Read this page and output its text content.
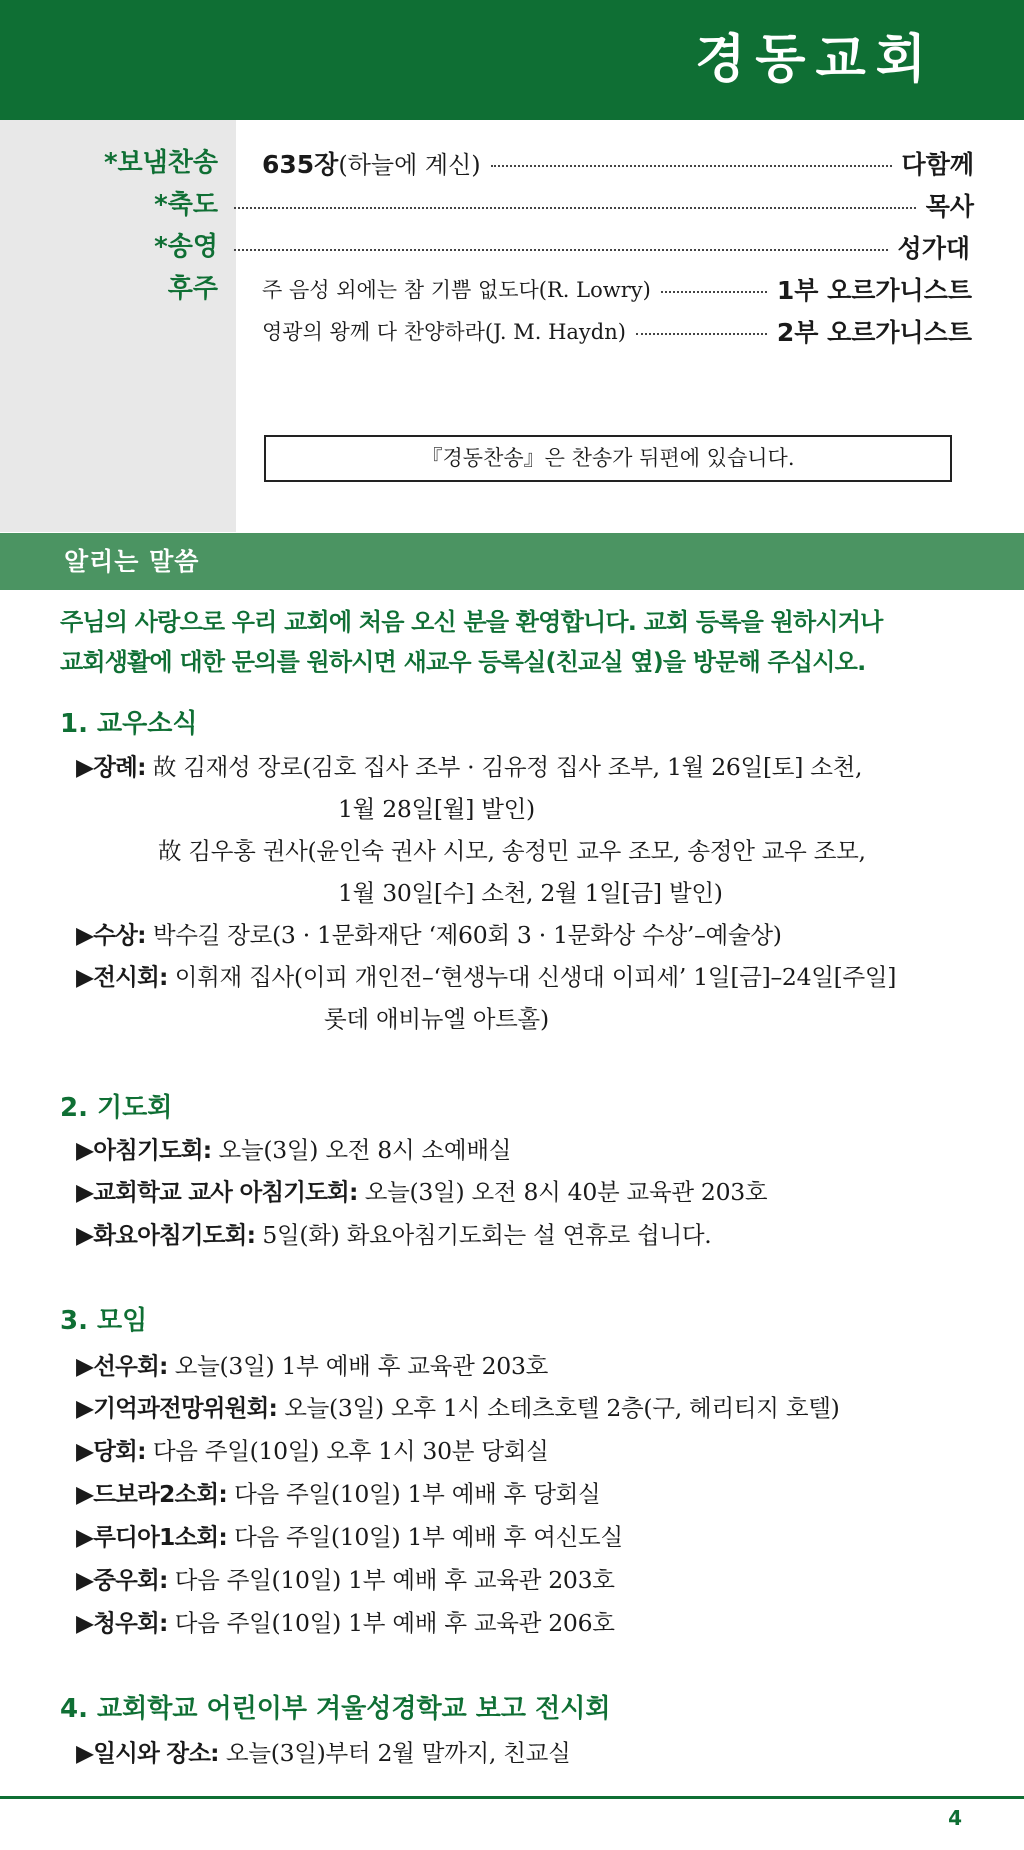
경동교회
*보냄찬송 635장(하늘에 계신)	다함께
*축도	목사
*송영	성가대
후주 주 음성 외에는 참 기쁨 없도다(R. Lowry)	1부 오르가니스트
영광의 왕께 다 찬양하라(J. M. Haydn)	2부 오르가니스트
『경동찬송』은 찬송가 뒤편에 있습니다.
알리는 말씀
주님의 사랑으로 우리 교회에 처음 오신 분을 환영합니다. 교회 등록을 원하시거나
교회생활에 대한 문의를 원하시면 새교우 등록실(친교실 옆)을 방문해 주십시오.
1. 교우소식
▶장례: 故 김재성 장로(김호 집사 조부 · 김유정 집사 조부, 1월 26일[토] 소천,
1월 28일[월] 발인)
故 김우홍 권사(윤인숙 권사 시모, 송정민 교우 조모, 송정안 교우 조모,
1월 30일[수] 소천, 2월 1일[금] 발인)
▶수상: 박수길 장로(3 · 1문화재단 ‘제60회 3 · 1문화상 수상’–예술상)
▶전시회: 이휘재 집사(이피 개인전–‘현생누대 신생대 이피세’ 1일[금]–24일[주일]
롯데 애비뉴엘 아트홀)
2. 기도회
▶아침기도회: 오늘(3일) 오전 8시 소예배실
▶교회학교 교사 아침기도회: 오늘(3일) 오전 8시 40분 교육관 203호
▶화요아침기도회: 5일(화) 화요아침기도회는 설 연휴로 쉽니다.
3. 모임
▶선우회: 오늘(3일) 1부 예배 후 교육관 203호
▶기억과전망위원회: 오늘(3일) 오후 1시 소테츠호텔 2층(구, 헤리티지 호텔)
▶당회: 다음 주일(10일) 오후 1시 30분 당회실
▶드보라2소회: 다음 주일(10일) 1부 예배 후 당회실
▶루디아1소회: 다음 주일(10일) 1부 예배 후 여신도실
▶중우회: 다음 주일(10일) 1부 예배 후 교육관 203호
▶청우회: 다음 주일(10일) 1부 예배 후 교육관 206호
4. 교회학교 어린이부 겨울성경학교 보고 전시회
▶일시와 장소: 오늘(3일)부터 2월 말까지, 친교실
4
